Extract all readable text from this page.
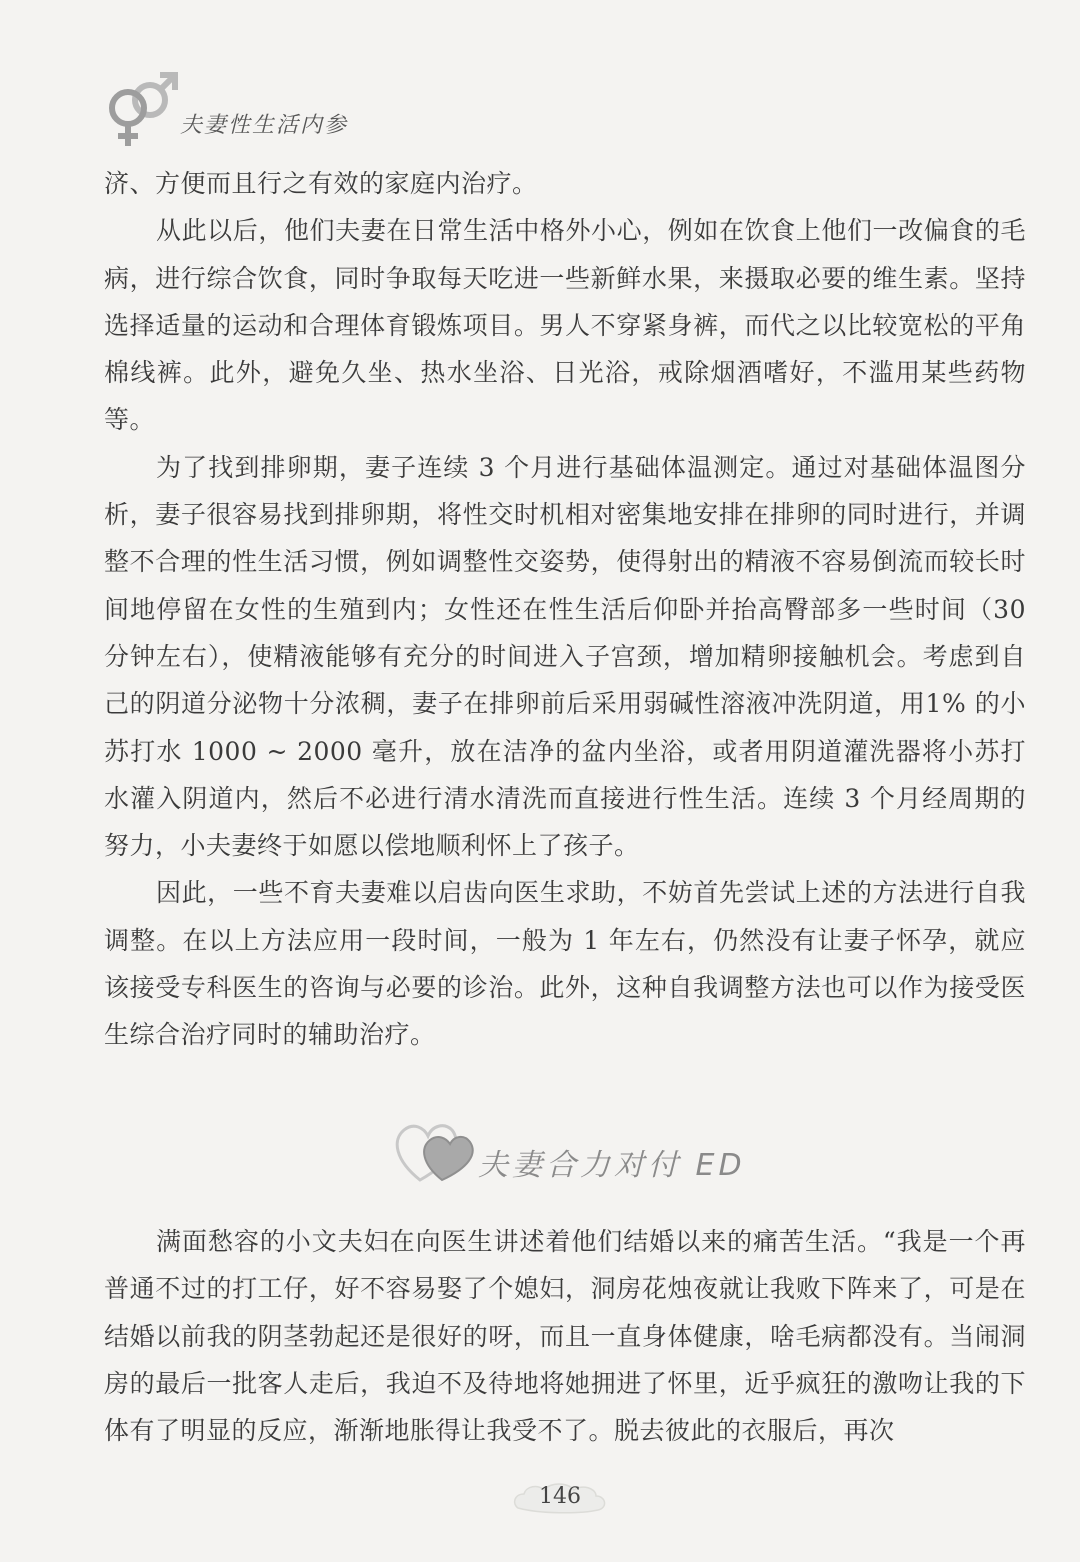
夫妻性生活内参

济、方便而且行之有效的家庭内治疗。

从此以后，他们夫妻在日常生活中格外小心，例如在饮食上他们一改偏食的毛病，进行综合饮食，同时争取每天吃进一些新鲜水果，来摄取必要的维生素。坚持选择适量的运动和合理体育锻炼项目。男人不穿紧身裤，而代之以比较宽松的平角棉线裤。此外，避免久坐、热水坐浴、日光浴，戒除烟酒嗜好，不滥用某些药物等。

为了找到排卵期，妻子连续 3 个月进行基础体温测定。通过对基础体温图分析，妻子很容易找到排卵期，将性交时机相对密集地安排在排卵的同时进行，并调整不合理的性生活习惯，例如调整性交姿势，使得射出的精液不容易倒流而较长时间地停留在女性的生殖到内；女性还在性生活后仰卧并抬高臀部多一些时间（30 分钟左右），使精液能够有充分的时间进入子宫颈，增加精卵接触机会。考虑到自己的阴道分泌物十分浓稠，妻子在排卵前后采用弱碱性溶液冲洗阴道，用1% 的小苏打水 1000 ~ 2000 毫升，放在洁净的盆内坐浴，或者用阴道灌洗器将小苏打水灌入阴道内，然后不必进行清水清洗而直接进行性生活。连续 3 个月经周期的努力，小夫妻终于如愿以偿地顺利怀上了孩子。

因此，一些不育夫妻难以启齿向医生求助，不妨首先尝试上述的方法进行自我调整。在以上方法应用一段时间，一般为 1 年左右，仍然没有让妻子怀孕，就应该接受专科医生的咨询与必要的诊治。此外，这种自我调整方法也可以作为接受医生综合治疗同时的辅助治疗。

夫妻合力对付 ED

满面愁容的小文夫妇在向医生讲述着他们结婚以来的痛苦生活。“我是一个再普通不过的打工仔，好不容易娶了个媳妇，洞房花烛夜就让我败下阵来了，可是在结婚以前我的阴茎勃起还是很好的呀，而且一直身体健康，啥毛病都没有。当闹洞房的最后一批客人走后，我迫不及待地将她拥进了怀里，近乎疯狂的激吻让我的下体有了明显的反应，渐渐地胀得让我受不了。脱去彼此的衣服后，再次

146
